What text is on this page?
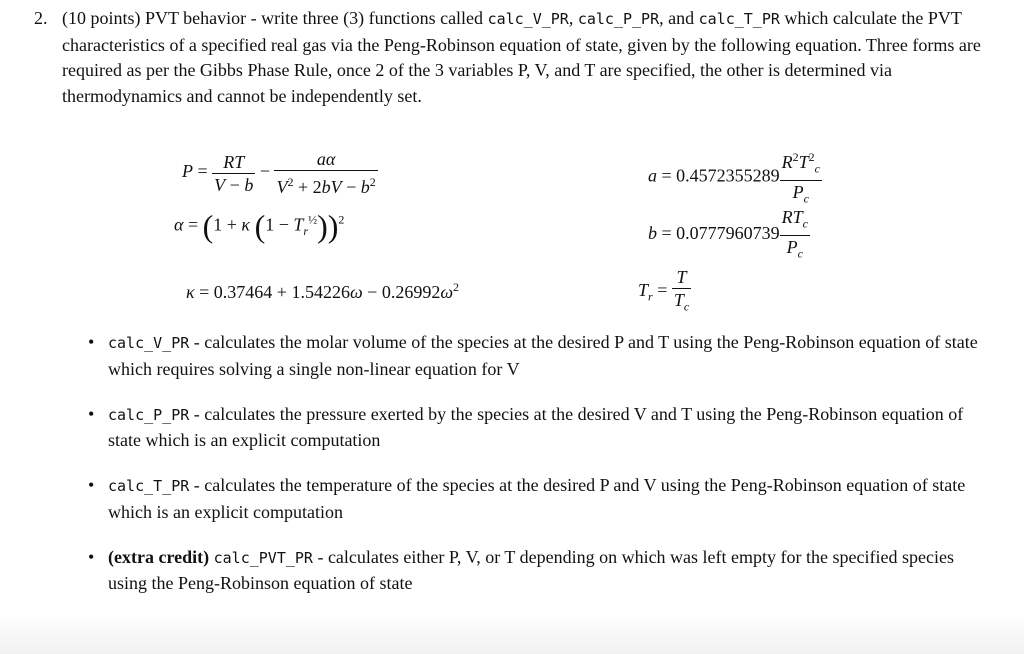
2. (10 points) PVT behavior - write three (3) functions called calc_V_PR, calc_P_PR, and calc_T_PR which calculate the PVT characteristics of a specified real gas via the Peng-Robinson equation of state, given by the following equation. Three forms are required as per the Gibbs Phase Rule, once 2 of the 3 variables P, V, and T are specified, the other is determined via thermodynamics and cannot be independently set.
$P = \frac{RT}{V - b} - \frac{a\alpha}{V^2 + 2bV - b^2}$	$a = 0.4572355289 \frac{R^2T^2_c}{P_c}$
α = (1 + κ $(1 - T_r^{\frac{1}{2}}))^2$
$b = 0.0777960739 \frac{RT_c}{P_c}$
$\kappa = 0.37464 + 1.54226\omega - 0.26992\omega^2$	$T_r = \frac{T}{T_c}$
• calc_V_PR - calculates the molar volume of the species at the desired P and T using the Peng-Robinson equation of state which requires solving a single non-linear equation for V
• calc_P_PR - calculates the pressure exerted by the species at the desired V and T using the Peng-Robinson equation of state which is an explicit computation
• calc_T_PR - calculates the temperature of the species at the desired P and V using the Peng-Robinson equation of state which is an explicit computation
• (extra credit) calc_PVT_PR - calculates either P, V, or T depending on which was left empty for the specified species using the Peng-Robinson equation of state
